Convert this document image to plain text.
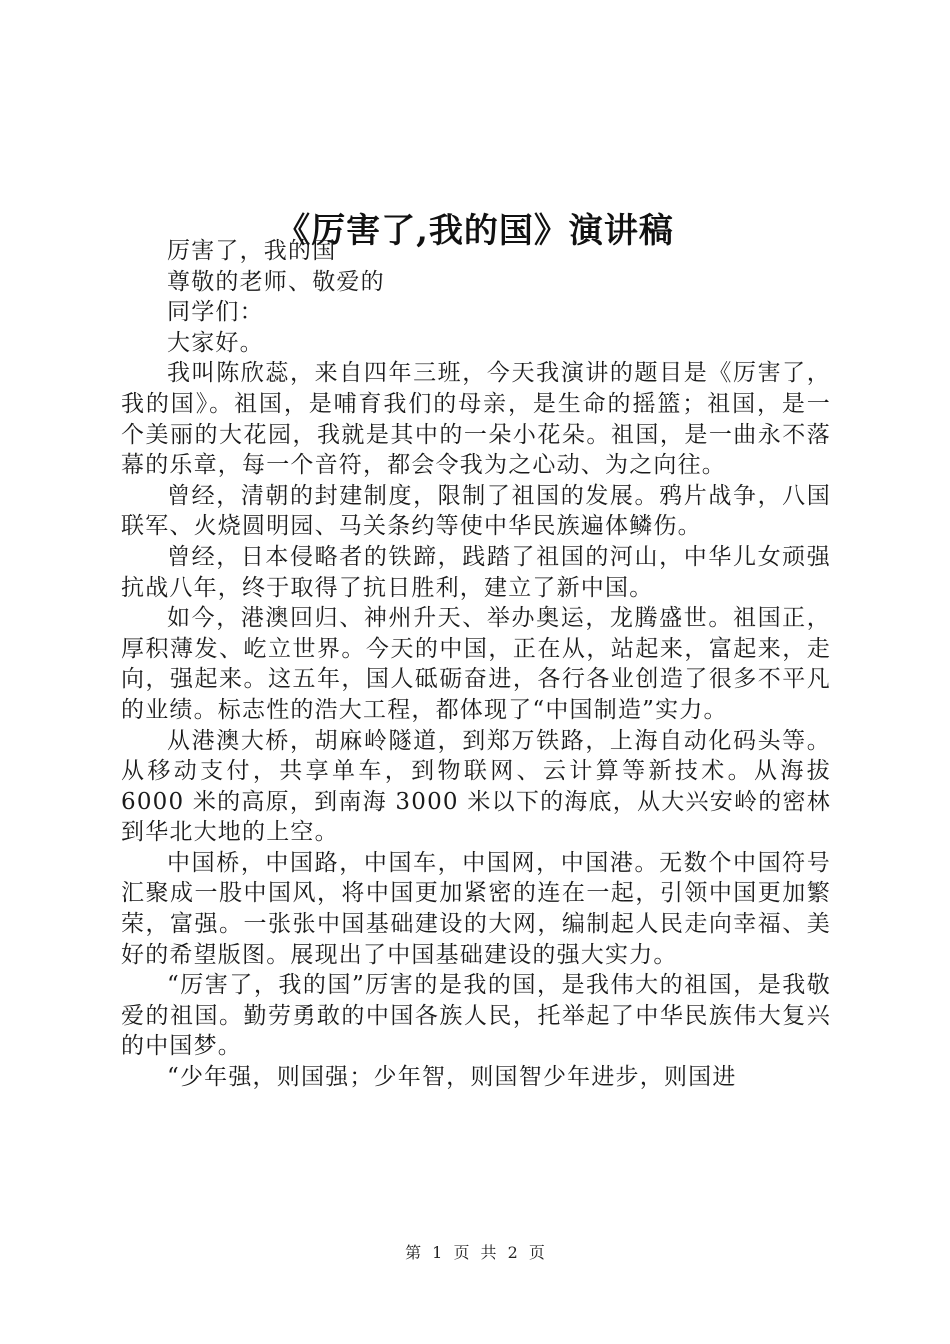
《厉害了,我的国》演讲稿

厉害了，我的国

尊敬的老师、敬爱的

同学们：

大家好。

我叫陈欣蕊，来自四年三班，今天我演讲的题目是《厉害了，我的国》。祖国，是哺育我们的母亲，是生命的摇篮；祖国，是一个美丽的大花园，我就是其中的一朵小花朵。祖国，是一曲永不落幕的乐章，每一个音符，都会令我为之心动、为之向往。

曾经，清朝的封建制度，限制了祖国的发展。鸦片战争，八国联军、火烧圆明园、马关条约等使中华民族遍体鳞伤。

曾经，日本侵略者的铁蹄，践踏了祖国的河山，中华儿女顽强抗战八年，终于取得了抗日胜利，建立了新中国。

如今，港澳回归、神州升天、举办奥运，龙腾盛世。祖国正，厚积薄发、屹立世界。今天的中国，正在从，站起来，富起来，走向，强起来。这五年，国人砥砺奋进，各行各业创造了很多不平凡的业绩。标志性的浩大工程，都体现了“中国制造”实力。

从港澳大桥，胡麻岭隧道，到郑万铁路，上海自动化码头等。从移动支付，共享单车，到物联网、云计算等新技术。从海拔 6000 米的高原，到南海 3000 米以下的海底，从大兴安岭的密林到华北大地的上空。

中国桥，中国路，中国车，中国网，中国港。无数个中国符号汇聚成一股中国风，将中国更加紧密的连在一起，引领中国更加繁荣，富强。一张张中国基础建设的大网，编制起人民走向幸福、美好的希望版图。展现出了中国基础建设的强大实力。

“厉害了，我的国”厉害的是我的国，是我伟大的祖国，是我敬爱的祖国。勤劳勇敢的中国各族人民，托举起了中华民族伟大复兴的中国梦。

“少年强，则国强；少年智，则国智少年进步，则国进

第 1 页 共 2 页
